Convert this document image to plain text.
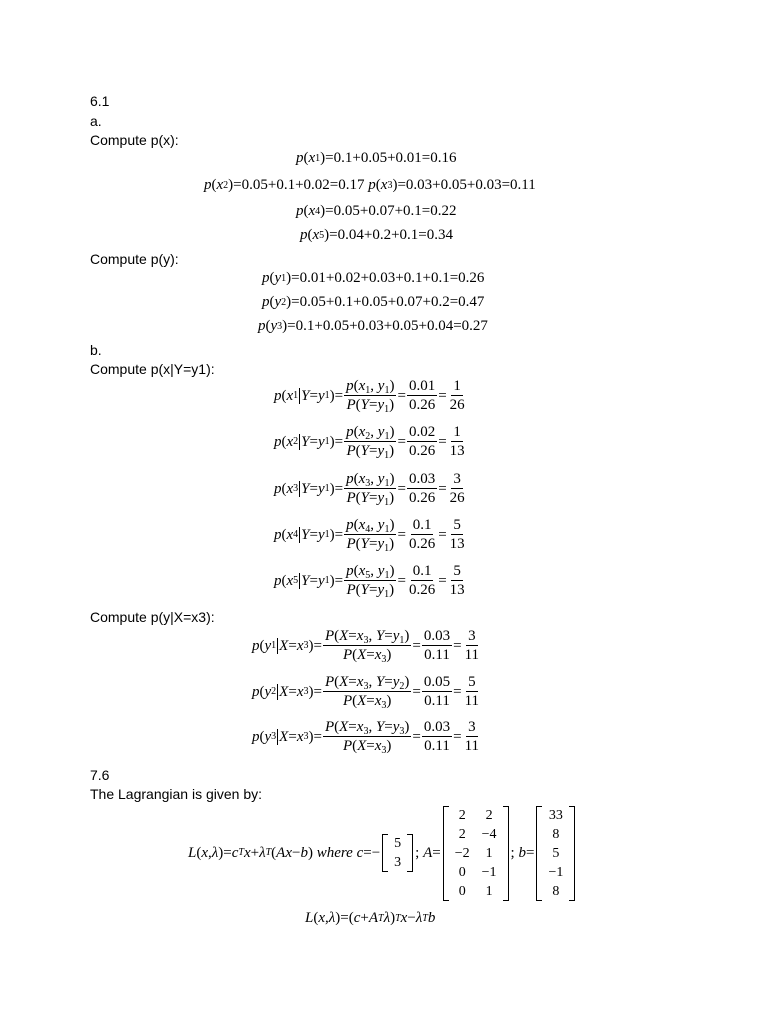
6.1
a.
Compute p(x):
p ( x 1 ) =0.1+0.05+0.01=0.16
p ( x 2 ) =0.05+0.1+0.02=0.17
p ( x 3 ) =0.03+0.05+0.03=0.11
p ( x 4 ) =0.05+0.07+0.1=0.22
p ( x 5 ) =0.04+0.2+0.1=0.34
Compute p(y):
p ( y 1 ) =0.01+0.02+0.03+0.1+0.1=0.26
p ( y 2 ) =0.05+0.1+0.05+0.07+0.2=0.47
p ( y 3 ) =0.1+0.05+0.03+0.05+0.04=0.27
b.
Compute p(x|Y=y1):
p ( x 1 Y = y 1 )= $\frac{p(x_1, y_1)}{P(Y=y_1)} = \frac{0.01}{0.26} = \frac{1}{26}$
p ( x 2 Y = y 1 )= $\frac{p(x_2, y_1)}{P(Y=y_1)} = \frac{0.02}{0.26} = \frac{1}{13}$
p ( x 3 Y = y 1 )= $\frac{p(x_3, y_1)}{P(Y=y_1)} = \frac{0.03}{0.26} = \frac{3}{26}$
p ( x 4 Y = y 1 )= $\frac{p(x_4, y_1)}{P(Y=y_1)} = \frac{0.1}{0.26} = \frac{5}{13}$
p ( x 5 Y = y 1 )= $\frac{p(x_5, y_1)}{P(Y=y_1)} = \frac{0.1}{0.26} = \frac{5}{13}$
Compute p(y|X=x3):
p ( y 1 X = x 3 )= $\frac{P(X=x_3, Y=y_1)}{P(X=x_3)} = \frac{0.03}{0.11} = \frac{3}{11}$
p ( y 2 X = x 3 )= $\frac{P(X=x_3, Y=y_2)}{P(X=x_3)} = \frac{0.05}{0.11} = \frac{5}{11}$
p ( y 3 X = x 3 )= $\frac{P(X=x_3, Y=y_3)}{P(X=x_3)} = \frac{0.03}{0.11} = \frac{3}{11}$
7.6
The Lagrangian is given by:
L ( x , λ )= c T x + λ T ( Ax − b ) where
c =−
5
3
; A =
2	2
2	−4
−2	1
0	−1
0	1
; b =
33
8
5
−1
8
L ( x , λ )=( c + A T λ ) T x − λ T b
